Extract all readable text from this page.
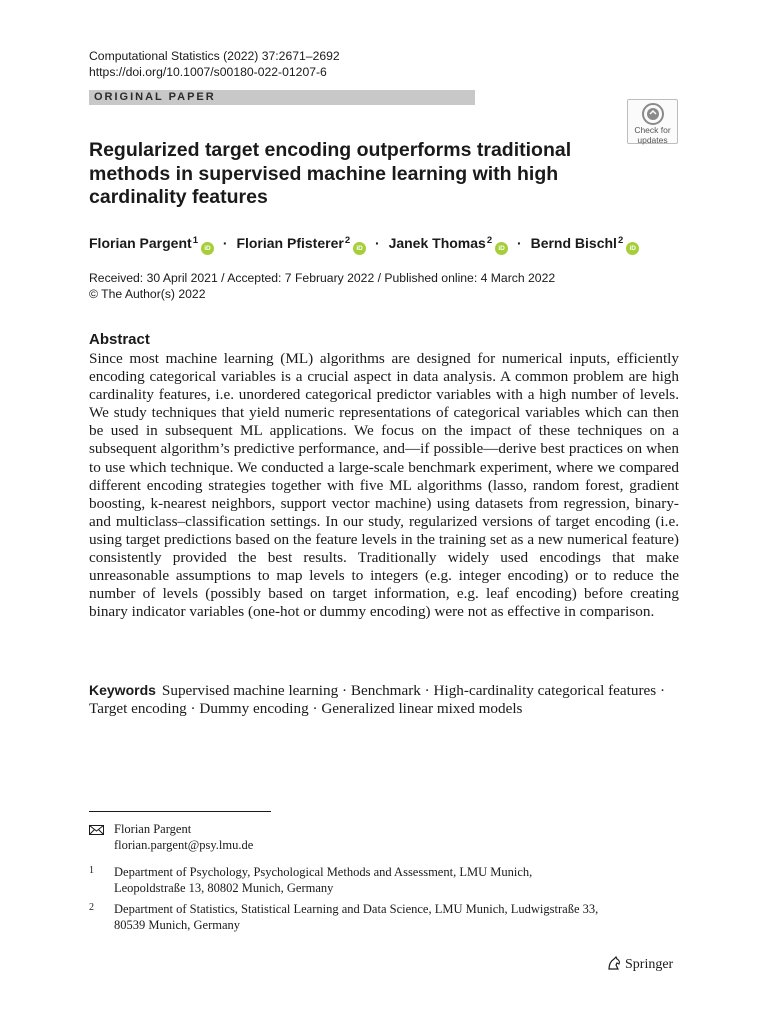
Computational Statistics (2022) 37:2671–2692
https://doi.org/10.1007/s00180-022-01207-6
ORIGINAL PAPER
Check for
updates
Regularized target encoding outperforms traditional methods in supervised machine learning with high cardinality features
Florian Pargent$^1$iD · Florian Pfisterer$^2$iD · Janek Thomas$^2$iD · Bernd Bischl$^2$iD
Received: 30 April 2021 / Accepted: 7 February 2022 / Published online: 4 March 2022
© The Author(s) 2022
Abstract

Since most machine learning (ML) algorithms are designed for numerical inputs, efficiently encoding categorical variables is a crucial aspect in data analysis. A common problem are high cardinality features, i.e. unordered categorical predictor variables with a high number of levels. We study techniques that yield numeric representations of categorical variables which can then be used in subsequent ML applications. We focus on the impact of these techniques on a subsequent algorithm’s predictive performance, and—if possible—derive best practices on when to use which technique. We conducted a large-scale benchmark experiment, where we compared different encoding strategies together with five ML algorithms (lasso, random forest, gradient boosting, k-nearest neighbors, support vector machine) using datasets from regression, binary- and multiclass–classification settings. In our study, regularized versions of target encoding (i.e. using target predictions based on the feature levels in the training set as a new numerical feature) consistently provided the best results. Traditionally widely used encodings that make unreasonable assumptions to map levels to integers (e.g. integer encoding) or to reduce the number of levels (possibly based on target information, e.g. leaf encoding) before creating binary indicator variables (one-hot or dummy encoding) were not as effective in comparison.

Keywords Supervised machine learning · Benchmark · High-cardinality categorical features · Target encoding · Dummy encoding · Generalized linear mixed models

Florian Pargent
florian.pargent@psy.lmu.de
1 Department of Psychology, Psychological Methods and Assessment, LMU Munich,
Leopoldstraße 13, 80802 Munich, Germany
2 Department of Statistics, Statistical Learning and Data Science, LMU Munich, Ludwigstraße 33,
80539 Munich, Germany
Springer
